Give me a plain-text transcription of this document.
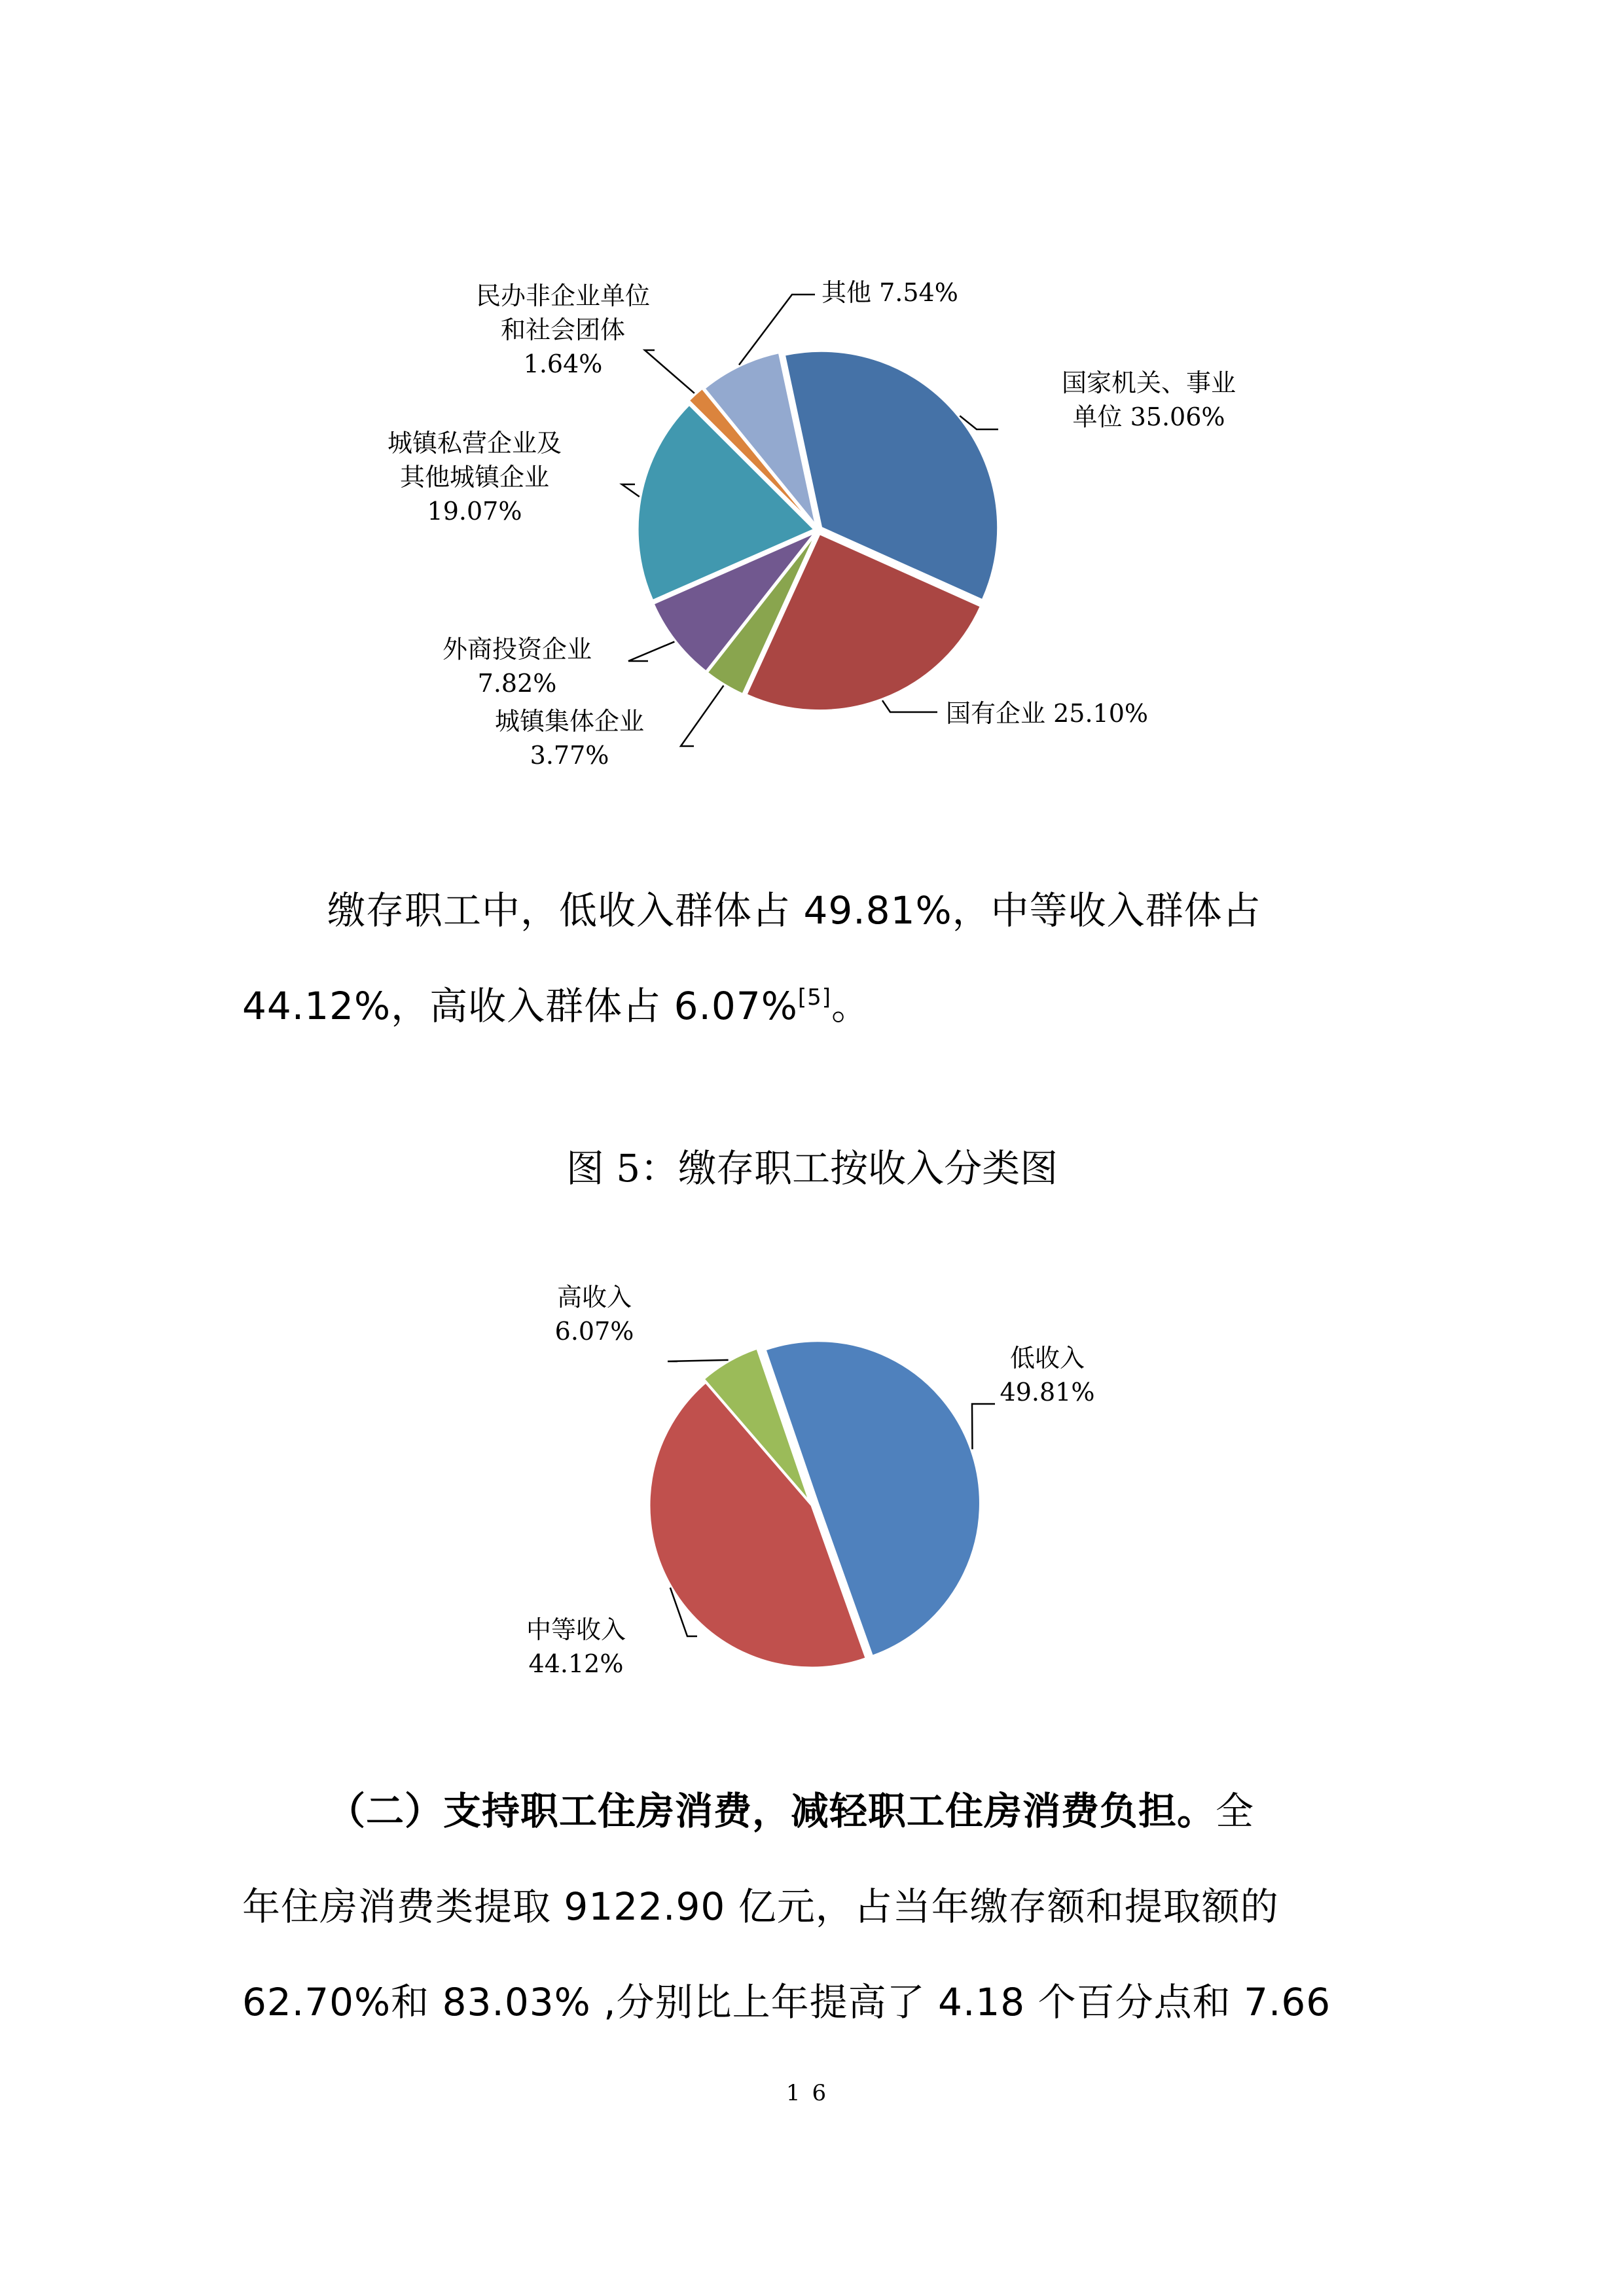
国家机关、事业
单位 35.06%
国有企业 25.10%
城镇集体企业
3.77%
外商投资企业
7.82%
城镇私营企业及
其他城镇企业
19.07%
民办非企业单位
和社会团体
1.64%
其他 7.54%
缴存职工中，低收入群体占 49.81%，中等收入群体占
44.12%，高收入群体占 6.07%[5]。
图 5：缴存职工按收入分类图
低收入
49.81%
中等收入
44.12%
高收入
6.07%
（二）支持职工住房消费，减轻职工住房消费负担。全
年住房消费类提取 9122.90 亿元，占当年缴存额和提取额的
62.70%和 83.03% ,分别比上年提高了 4.18 个百分点和 7.66
16
